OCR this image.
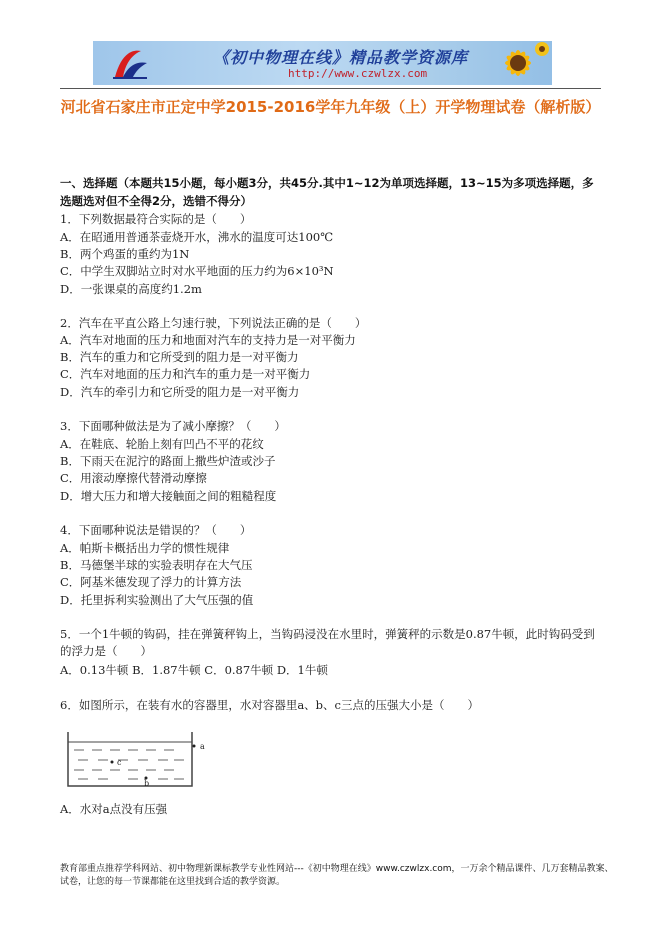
《初中物理在线》精品教学资源库
http://www.czwlzx.com
河北省石家庄市正定中学2015-2016学年九年级（上）开学物理试卷（解析版）
一、选择题（本题共15小题，每小题3分，共45分.其中1~12为单项选择题，13~15为多项选择题，多选题选对但不全得2分，选错不得分）
1．下列数据最符合实际的是（　　）
A．在昭通用普通茶壶烧开水，沸水的温度可达100℃
B．两个鸡蛋的重约为1N
C．中学生双脚站立时对水平地面的压力约为6×10³N
D．一张课桌的高度约1.2m
2．汽车在平直公路上匀速行驶，下列说法正确的是（　　）
A．汽车对地面的压力和地面对汽车的支持力是一对平衡力
B．汽车的重力和它所受到的阻力是一对平衡力
C．汽车对地面的压力和汽车的重力是一对平衡力
D．汽车的牵引力和它所受的阻力是一对平衡力
3．下面哪种做法是为了减小摩擦？（　　）
A．在鞋底、轮胎上刻有凹凸不平的花纹
B．下雨天在泥泞的路面上撒些炉渣或沙子
C．用滚动摩擦代替滑动摩擦
D．增大压力和增大接触面之间的粗糙程度
4．下面哪种说法是错误的？（　　）
A．帕斯卡概括出力学的惯性规律
B．马德堡半球的实验表明存在大气压
C．阿基米德发现了浮力的计算方法
D．托里拆利实验测出了大气压强的值
5．一个1牛顿的钩码，挂在弹簧秤钩上，当钩码浸没在水里时，弹簧秤的示数是0.87牛顿，此时钩码受到的浮力是（　　）
A．0.13牛顿 B．1.87牛顿 C．0.87牛顿 D．1牛顿
6．如图所示，在装有水的容器里，水对容器里a、b、c三点的压强大小是（　　）
a
c
b
A．水对a点没有压强
教育部重点推荐学科网站、初中物理新课标教学专业性网站---《初中物理在线》www.czwlzx.com，一万余个精品课件、几万套精品教案、试卷，让您的每一节课都能在这里找到合适的教学资源。
